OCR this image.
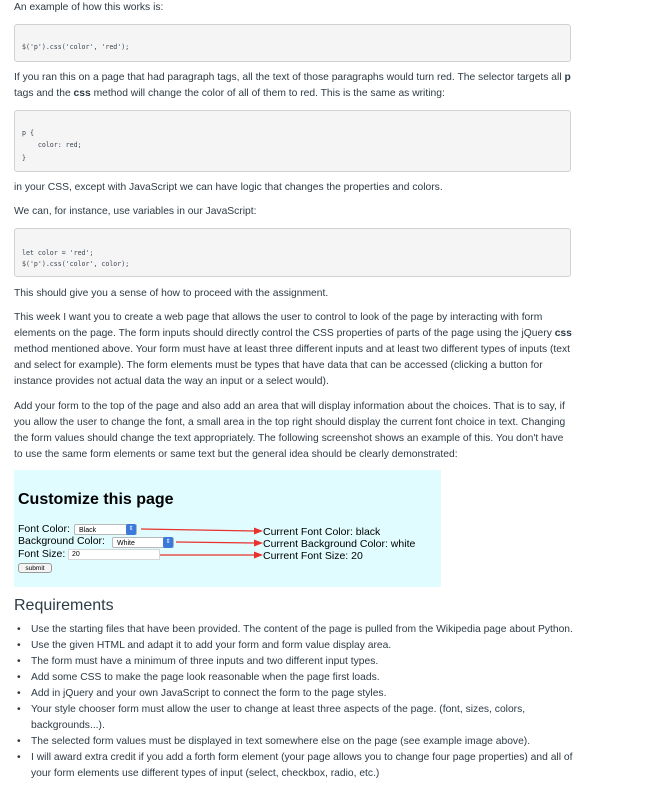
An example of how this works is:

$('p').css('color', 'red');

If you ran this on a page that had paragraph tags, all the text of those paragraphs would turn red. The selector targets all p tags and the css method will change the color of all of them to red. This is the same as writing:

p {
color: red;
}

in your CSS, except with JavaScript we can have logic that changes the properties and colors.

We can, for instance, use variables in our JavaScript:

let color = 'red';
$('p').css('color', color);

This should give you a sense of how to proceed with the assignment.

This week I want you to create a web page that allows the user to control to look of the page by interacting with form elements on the page. The form inputs should directly control the CSS properties of parts of the page using the jQuery css method mentioned above. Your form must have at least three different inputs and at least two different types of inputs (text and select for example). The form elements must be types that have data that can be accessed (clicking a button for instance provides not actual data the way an input or a select would).

Add your form to the top of the page and also add an area that will display information about the choices. That is to say, if you allow the user to change the font, a small area in the top right should display the current font choice in text. Changing the form values should change the text appropriately. The following screenshot shows an example of this. You don't have to use the same form elements or same text but the general idea should be clearly demonstrated:

Customize this page
Font Color:	Black	⇕
Background Color:	White	⇕
Font Size: 20
submit
Current Font Color: black
Current Background Color: white
Current Font Size: 20
Requirements
• Use the starting files that have been provided. The content of the page is pulled from the Wikipedia page about Python.
• Use the given HTML and adapt it to add your form and form value display area.
• The form must have a minimum of three inputs and two different input types.
• Add some CSS to make the page look reasonable when the page first loads.
• Add in jQuery and your own JavaScript to connect the form to the page styles.
• Your style chooser form must allow the user to change at least three aspects of the page. (font, sizes, colors, backgrounds...).
• The selected form values must be displayed in text somewhere else on the page (see example image above).
• I will award extra credit if you add a forth form element (your page allows you to change four page properties) and all of your form elements use different types of input (select, checkbox, radio, etc.)
